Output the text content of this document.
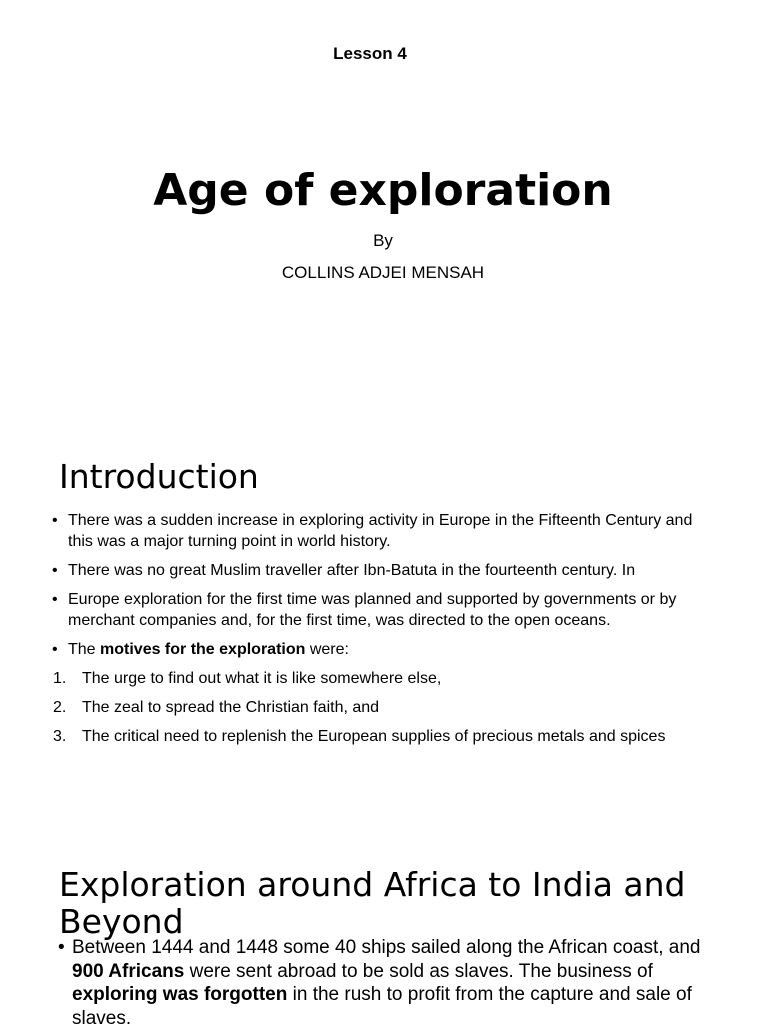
Lesson 4
Age of exploration
By
COLLINS ADJEI MENSAH
Introduction
• There was a sudden increase in exploring activity in Europe in the Fifteenth Century and this was a major turning point in world history.
• There was no great Muslim traveller after Ibn-Batuta in the fourteenth century. In
• Europe exploration for the first time was planned and supported by governments or by merchant companies and, for the first time, was directed to the open oceans.
• The motives for the exploration were:
1. The urge to find out what it is like somewhere else,
2. The zeal to spread the Christian faith, and
3. The critical need to replenish the European supplies of precious metals and spices
Exploration around Africa to India and Beyond
• Between 1444 and 1448 some 40 ships sailed along the African coast, and 900 Africans were sent abroad to be sold as slaves. The business of exploring was forgotten in the rush to profit from the capture and sale of slaves.
